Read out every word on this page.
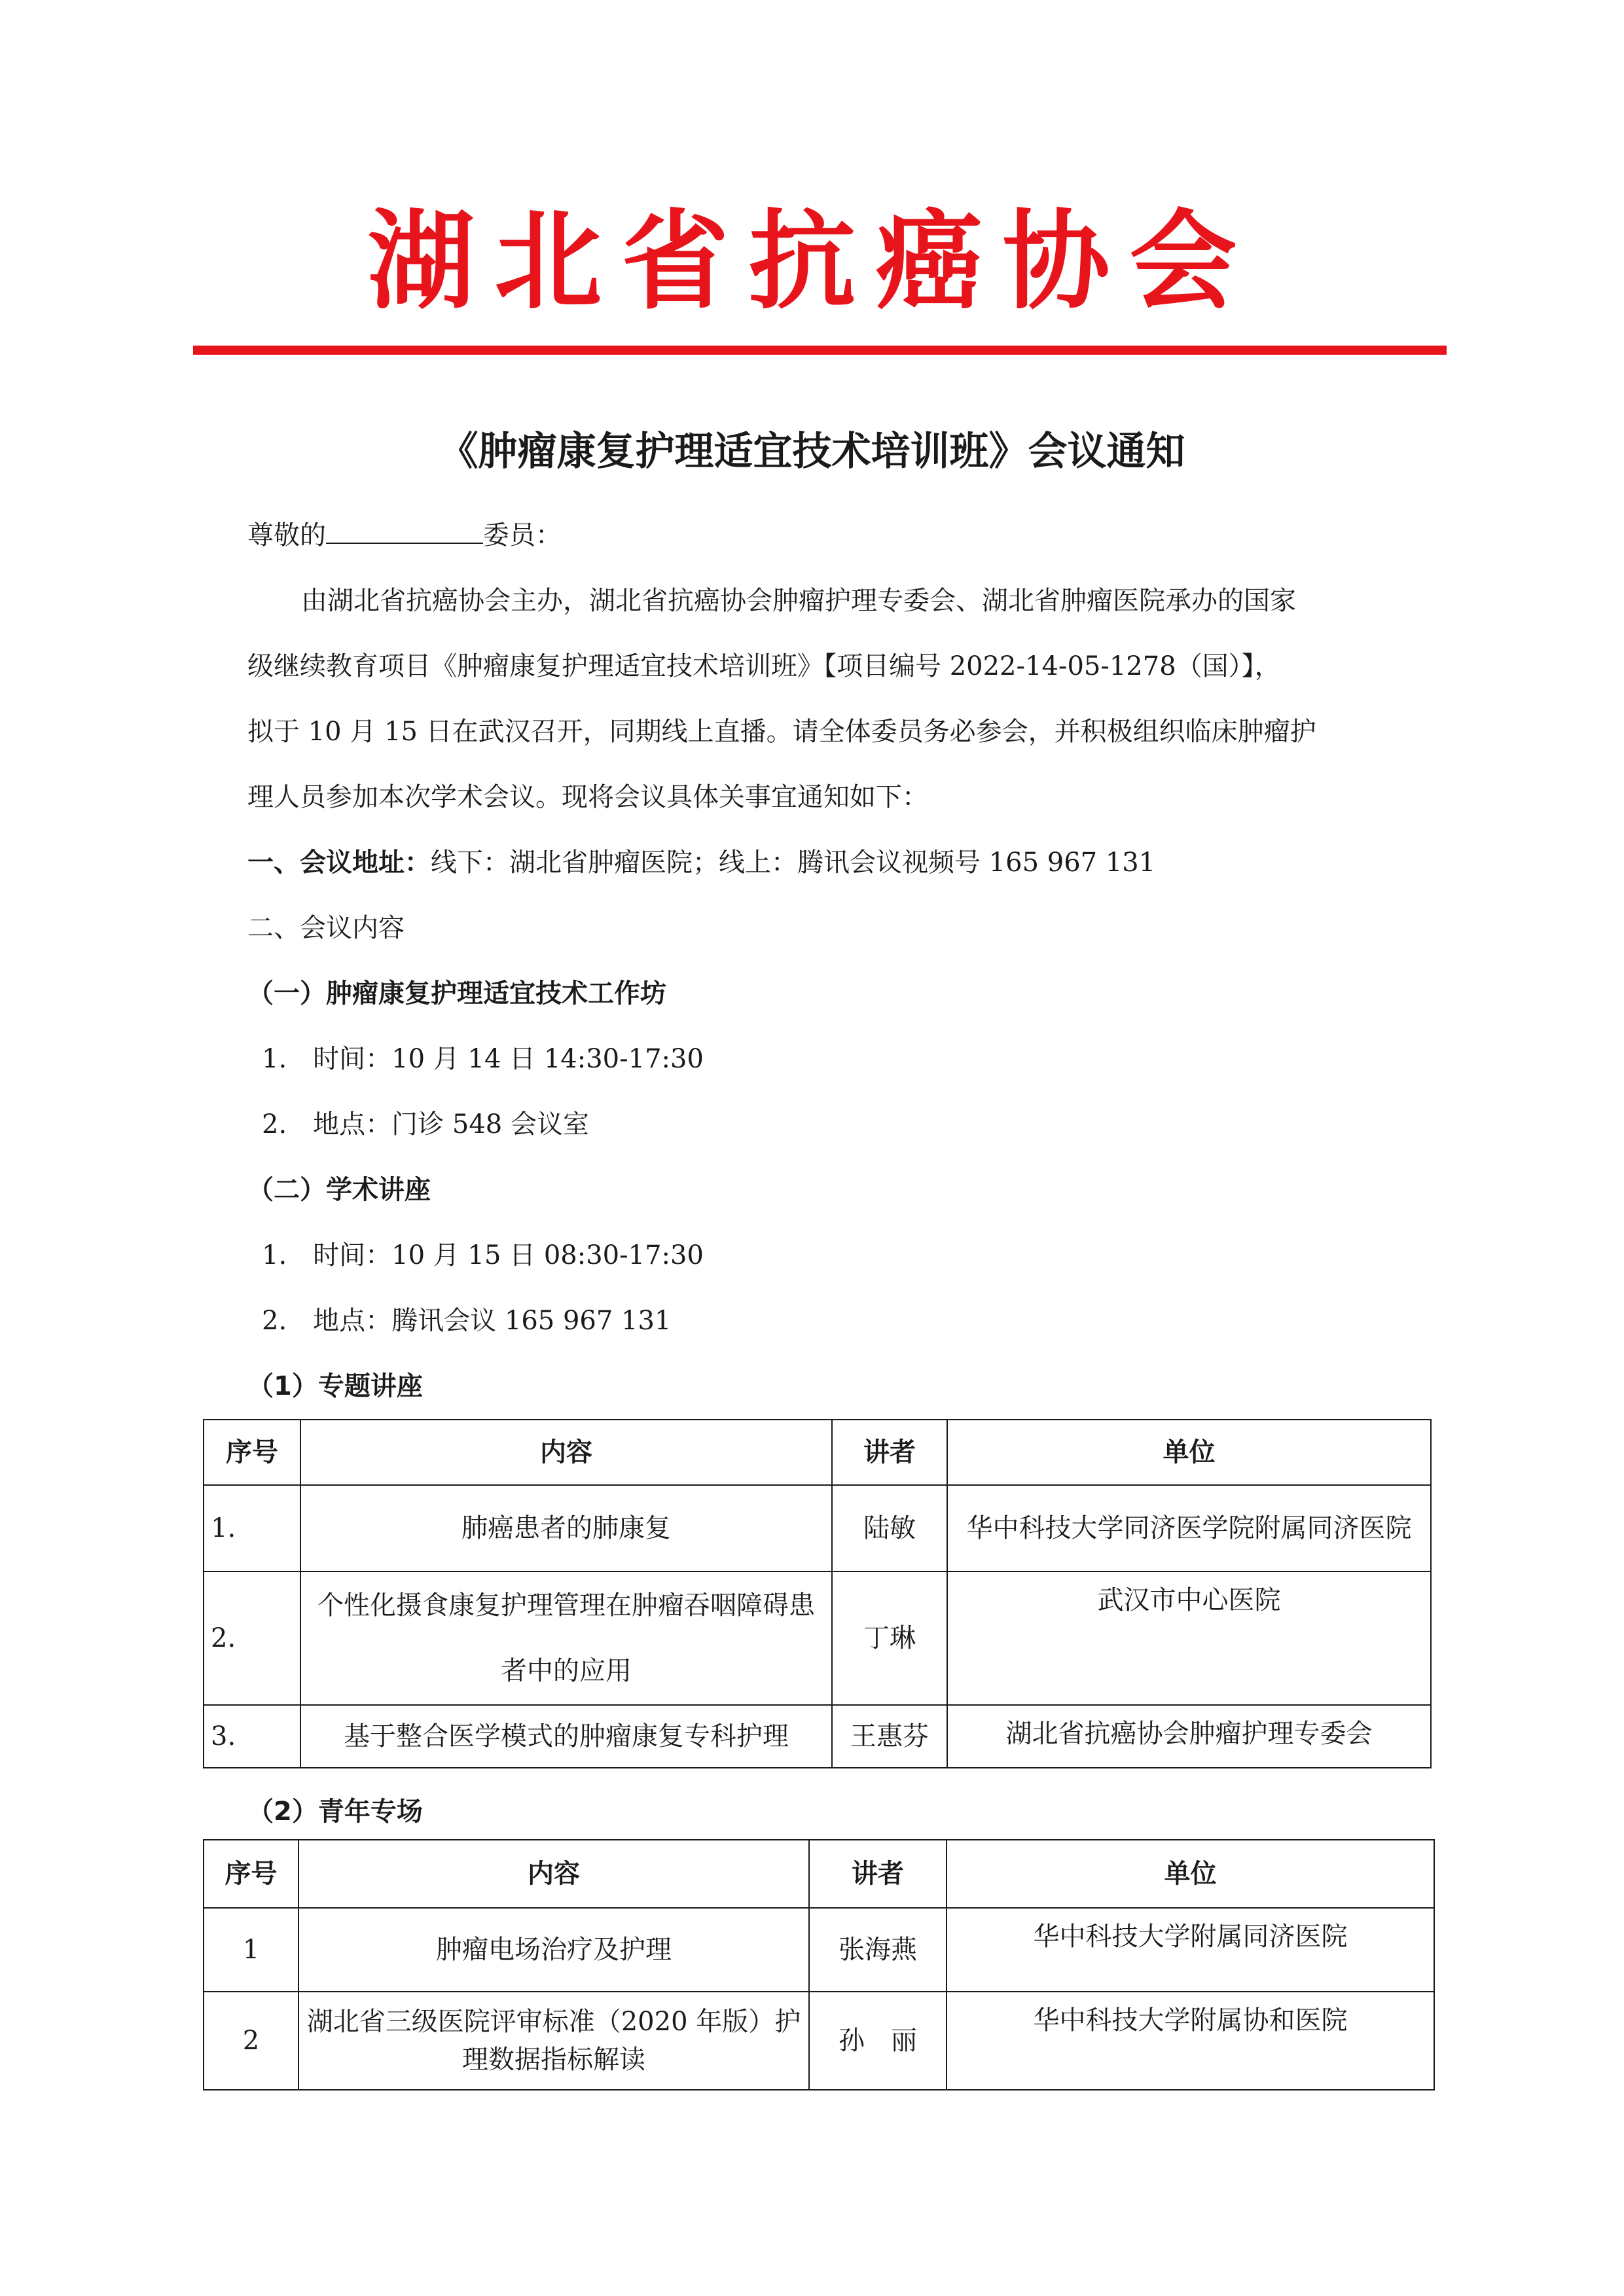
湖北省抗癌协会
《肿瘤康复护理适宜技术培训班》会议通知
尊敬的	委员：
由湖北省抗癌协会主办，湖北省抗癌协会肿瘤护理专委会、湖北省肿瘤医院承办的国家
级继续教育项目《肿瘤康复护理适宜技术培训班》【项目编号 2022-14-05-1278（国）】，
拟于 10 月 15 日在武汉召开，同期线上直播。请全体委员务必参会，并积极组织临床肿瘤护
理人员参加本次学术会议。现将会议具体关事宜通知如下：
一、会议地址：线下：湖北省肿瘤医院；线上：腾讯会议视频号 165 967 131
二、会议内容
（一）肿瘤康复护理适宜技术工作坊
1. 时间：10 月 14 日 14:30-17:30
2. 地点：门诊 548 会议室
（二）学术讲座
1. 时间：10 月 15 日 08:30-17:30
2. 地点：腾讯会议 165 967 131
（1）专题讲座
序号	内容	讲者	单位
1.	肺癌患者的肺康复	陆敏	华中科技大学同济医学院附属同济医院
2.	个性化摄食康复护理管理在肿瘤吞咽障碍患者中的应用	丁琳	武汉市中心医院
3.	基于整合医学模式的肿瘤康复专科护理	王惠芬	湖北省抗癌协会肿瘤护理专委会
（2）青年专场
序号	内容	讲者	单位
1	肿瘤电场治疗及护理	张海燕	华中科技大学附属同济医院
2	湖北省三级医院评审标准（2020 年版）护理数据指标解读	孙　丽	华中科技大学附属协和医院
